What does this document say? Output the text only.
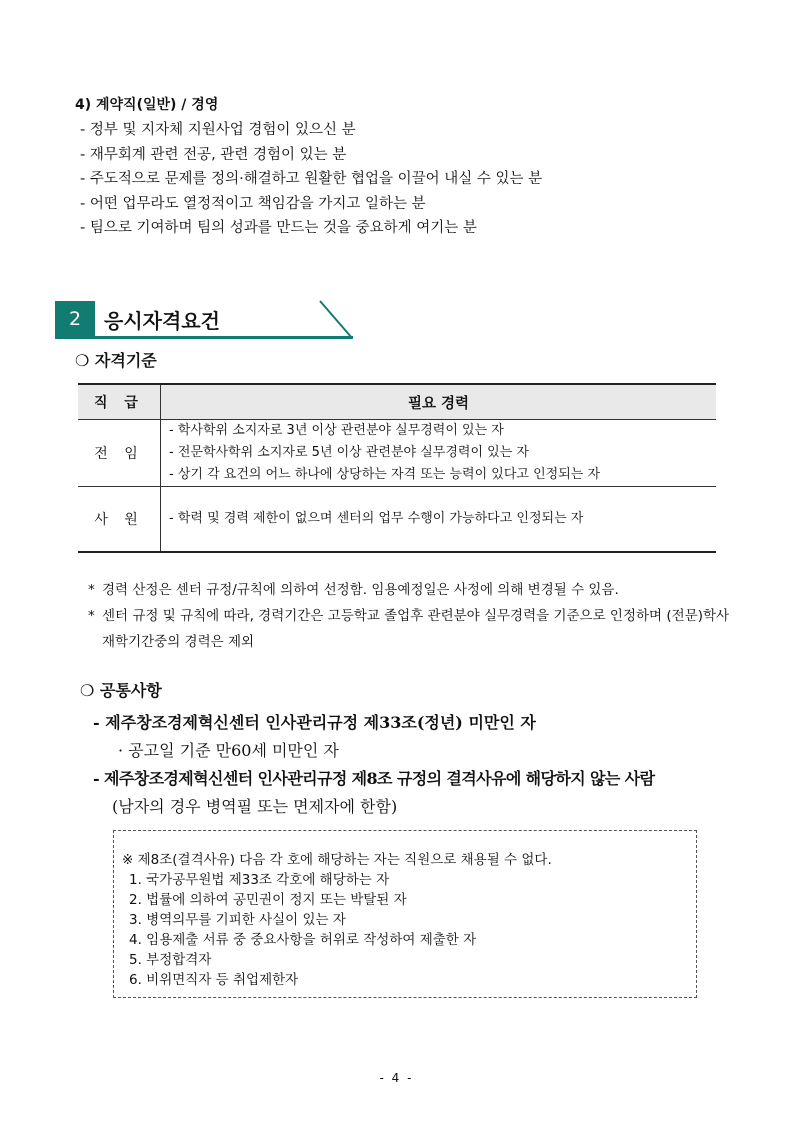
4) 계약직(일반) / 경영
- 정부 및 지자체 지원사업 경험이 있으신 분
- 재무회계 관련 전공, 관련 경험이 있는 분
- 주도적으로 문제를 정의·해결하고 원활한 협업을 이끌어 내실 수 있는 분
- 어떤 업무라도 열정적이고 책임감을 가지고 일하는 분
- 팀으로 기여하며 팀의 성과를 만드는 것을 중요하게 여기는 분
2	응시자격요건
❍ 자격기준
직 급	필요 경력
전 임	- 학사학위 소지자로 3년 이상 관련분야 실무경력이 있는 자
- 전문학사학위 소지자로 5년 이상 관련분야 실무경력이 있는 자
- 상기 각 요건의 어느 하나에 상당하는 자격 또는 능력이 있다고 인정되는 자

사 원	- 학력 및 경력 제한이 없으며 센터의 업무 수행이 가능하다고 인정되는 자
* 경력 산정은 센터 규정/규칙에 의하여 선정함. 임용예정일은 사정에 의해 변경될 수 있음.
* 센터 규정 및 규칙에 따라, 경력기간은 고등학교 졸업후 관련분야 실무경력을 기준으로 인정하며 (전문)학사 재학기간중의 경력은 제외
❍ 공통사항
- 제주창조경제혁신센터 인사관리규정 제33조(정년) 미만인 자
· 공고일 기준 만60세 미만인 자
- 제주창조경제혁신센터 인사관리규정 제8조 규정의 결격사유에 해당하지 않는 사람
(남자의 경우 병역필 또는 면제자에 한함)
※ 제8조(결격사유) 다음 각 호에 해당하는 자는 직원으로 채용될 수 없다.
1. 국가공무원법 제33조 각호에 해당하는 자
2. 법률에 의하여 공민권이 정지 또는 박탈된 자
3. 병역의무를 기피한 사실이 있는 자
4. 임용제출 서류 중 중요사항을 허위로 작성하여 제출한 자
5. 부정합격자
6. 비위면직자 등 취업제한자
- 4 -
